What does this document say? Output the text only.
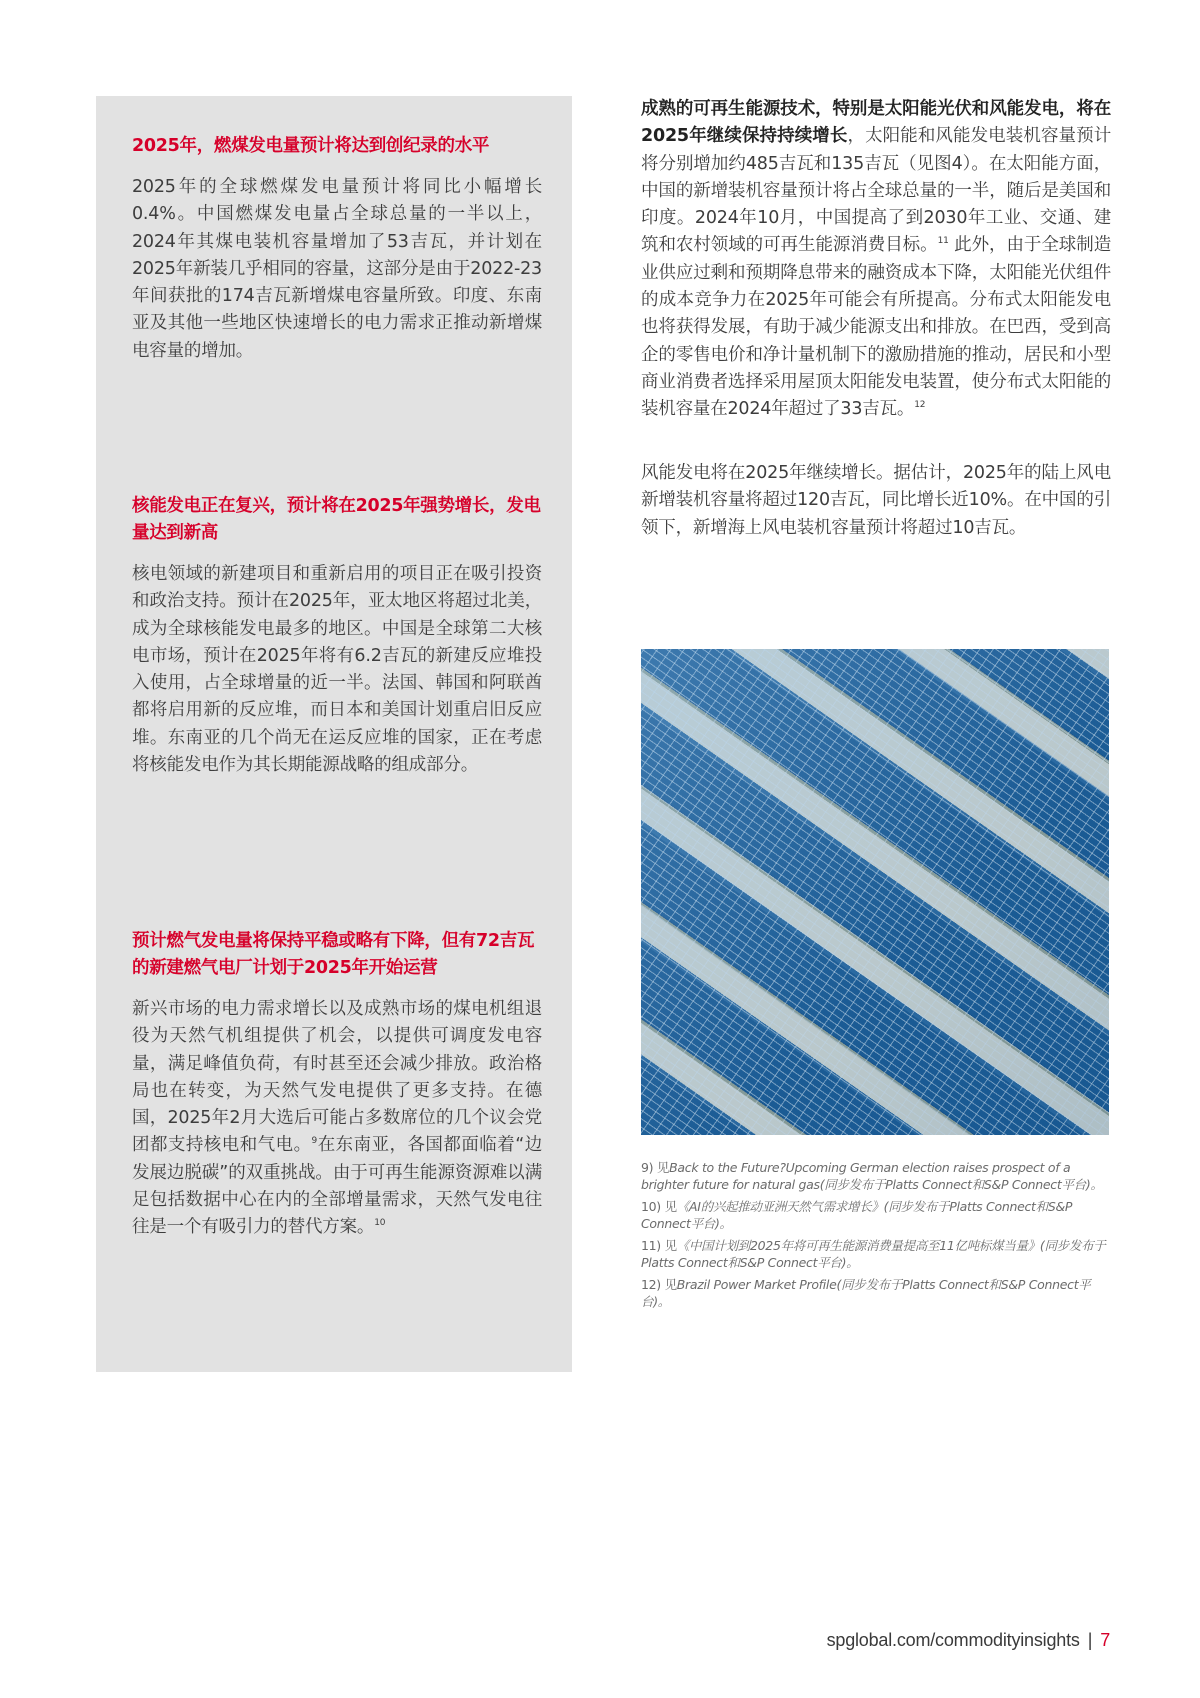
2025年，燃煤发电量预计将达到创纪录的水平

2025年的全球燃煤发电量预计将同比小幅增长0.4%。中国燃煤发电量占全球总量的一半以上，2024年其煤电装机容量增加了53吉瓦，并计划在2025年新装几乎相同的容量，这部分是由于2022-23年间获批的174吉瓦新增煤电容量所致。印度、东南亚及其他一些地区快速增长的电力需求正推动新增煤电容量的增加。

核能发电正在复兴，预计将在2025年强势增长，发电量达到新高

核电领域的新建项目和重新启用的项目正在吸引投资和政治支持。预计在2025年，亚太地区将超过北美，成为全球核能发电最多的地区。中国是全球第二大核电市场，预计在2025年将有6.2吉瓦的新建反应堆投入使用，占全球增量的近一半。法国、韩国和阿联酋都将启用新的反应堆，而日本和美国计划重启旧反应堆。东南亚的几个尚无在运反应堆的国家，正在考虑将核能发电作为其长期能源战略的组成部分。

预计燃气发电量将保持平稳或略有下降，但有72吉瓦的新建燃气电厂计划于2025年开始运营

新兴市场的电力需求增长以及成熟市场的煤电机组退役为天然气机组提供了机会，以提供可调度发电容量，满足峰值负荷，有时甚至还会减少排放。政治格局也在转变，为天然气发电提供了更多支持。在德国，2025年2月大选后可能占多数席位的几个议会党团都支持核电和气电。$^9$在东南亚，各国都面临着“边发展边脱碳”的双重挑战。由于可再生能源资源难以满足包括数据中心在内的全部增量需求，天然气发电往往是一个有吸引力的替代方案。$^{10}$

成熟的可再生能源技术，特别是太阳能光伏和风能发电，将在2025年继续保持持续增长，太阳能和风能发电装机容量预计将分别增加约485吉瓦和135吉瓦（见图4）。在太阳能方面，中国的新增装机容量预计将占全球总量的一半，随后是美国和印度。2024年10月，中国提高了到2030年工业、交通、建筑和农村领域的可再生能源消费目标。$^{11}$ 此外，由于全球制造业供应过剩和预期降息带来的融资成本下降，太阳能光伏组件的成本竞争力在2025年可能会有所提高。分布式太阳能发电也将获得发展，有助于减少能源支出和排放。在巴西，受到高企的零售电价和净计量机制下的激励措施的推动，居民和小型商业消费者选择采用屋顶太阳能发电装置，使分布式太阳能的装机容量在2024年超过了33吉瓦。$^{12}$

风能发电将在2025年继续增长。据估计，2025年的陆上风电新增装机容量将超过120吉瓦，同比增长近10%。在中国的引领下，新增海上风电装机容量预计将超过10吉瓦。

9) 见Back to the Future?Upcoming German election raises prospect of a brighter future for natural gas(同步发布于Platts Connect和S&P Connect平台)。

10) 见《AI的兴起推动亚洲天然气需求增长》(同步发布于Platts Connect和S&P Connect平台)。

11) 见《中国计划到2025年将可再生能源消费量提高至11亿吨标煤当量》(同步发布于Platts Connect和S&P Connect平台)。

12) 见Brazil Power Market Profile(同步发布于Platts Connect和S&P Connect平台)。

spglobal.com/commodityinsights | 7
